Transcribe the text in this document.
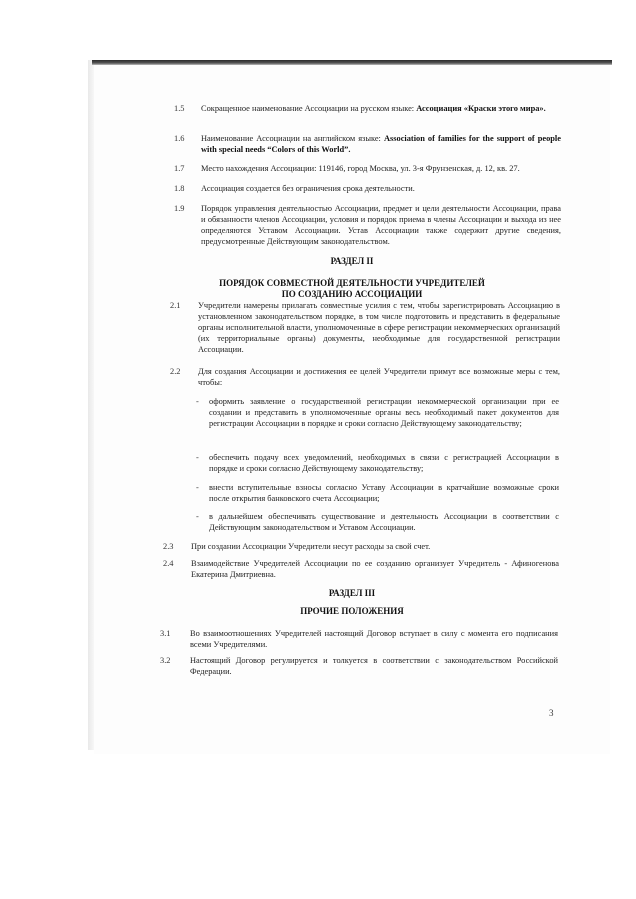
1.5 Сокращенное наименование Ассоциации на русском языке: Ассоциация «Краски этого мира».
1.6 Наименование Ассоциации на английском языке: Association of families for the support of people with special needs “Colors of this World”.
1.7 Место нахождения Ассоциации: 119146, город Москва, ул. 3-я Фрунзенская, д. 12, кв. 27.
1.8 Ассоциация создается без ограничения срока деятельности.
1.9 Порядок управления деятельностью Ассоциации, предмет и цели деятельности Ассоциации, права и обязанности членов Ассоциации, условия и порядок приема в члены Ассоциации и выхода из нее определяются Уставом Ассоциации. Устав Ассоциации также содержит другие сведения, предусмотренные Действующим законодательством.
РАЗДЕЛ II
ПОРЯДОК СОВМЕСТНОЙ ДЕЯТЕЛЬНОСТИ УЧРЕДИТЕЛЕЙ
ПО СОЗДАНИЮ АССОЦИАЦИИ
2.1 Учредители намерены прилагать совместные усилия с тем, чтобы зарегистрировать Ассоциацию в установленном законодательством порядке, в том числе подготовить и представить в федеральные органы исполнительной власти, уполномоченные в сфере регистрации некоммерческих организаций (их территориальные органы) документы, необходимые для государственной регистрации Ассоциации.
2.2 Для создания Ассоциации и достижения ее целей Учредители примут все возможные меры с тем, чтобы:
- оформить заявление о государственной регистрации некоммерческой организации при ее создании и представить в уполномоченные органы весь необходимый пакет документов для регистрации Ассоциации в порядке и сроки согласно Действующему законодательству;
- обеспечить подачу всех уведомлений, необходимых в связи с регистрацией Ассоциации в порядке и сроки согласно Действующему законодательству;
- внести вступительные взносы согласно Уставу Ассоциации в кратчайшие возможные сроки после открытия банковского счета Ассоциации;
- в дальнейшем обеспечивать существование и деятельность Ассоциации в соответствии с Действующим законодательством и Уставом Ассоциации.
2.3 При создании Ассоциации Учредители несут расходы за свой счет.
2.4 Взаимодействие Учредителей Ассоциации по ее созданию организует Учредитель - Афиногенова Екатерина Дмитриевна.
РАЗДЕЛ III
ПРОЧИЕ ПОЛОЖЕНИЯ
3.1 Во взаимоотношениях Учредителей настоящий Договор вступает в силу с момента его подписания всеми Учредителями.
3.2 Настоящий Договор регулируется и толкуется в соответствии с законодательством Российской Федерации.
3
